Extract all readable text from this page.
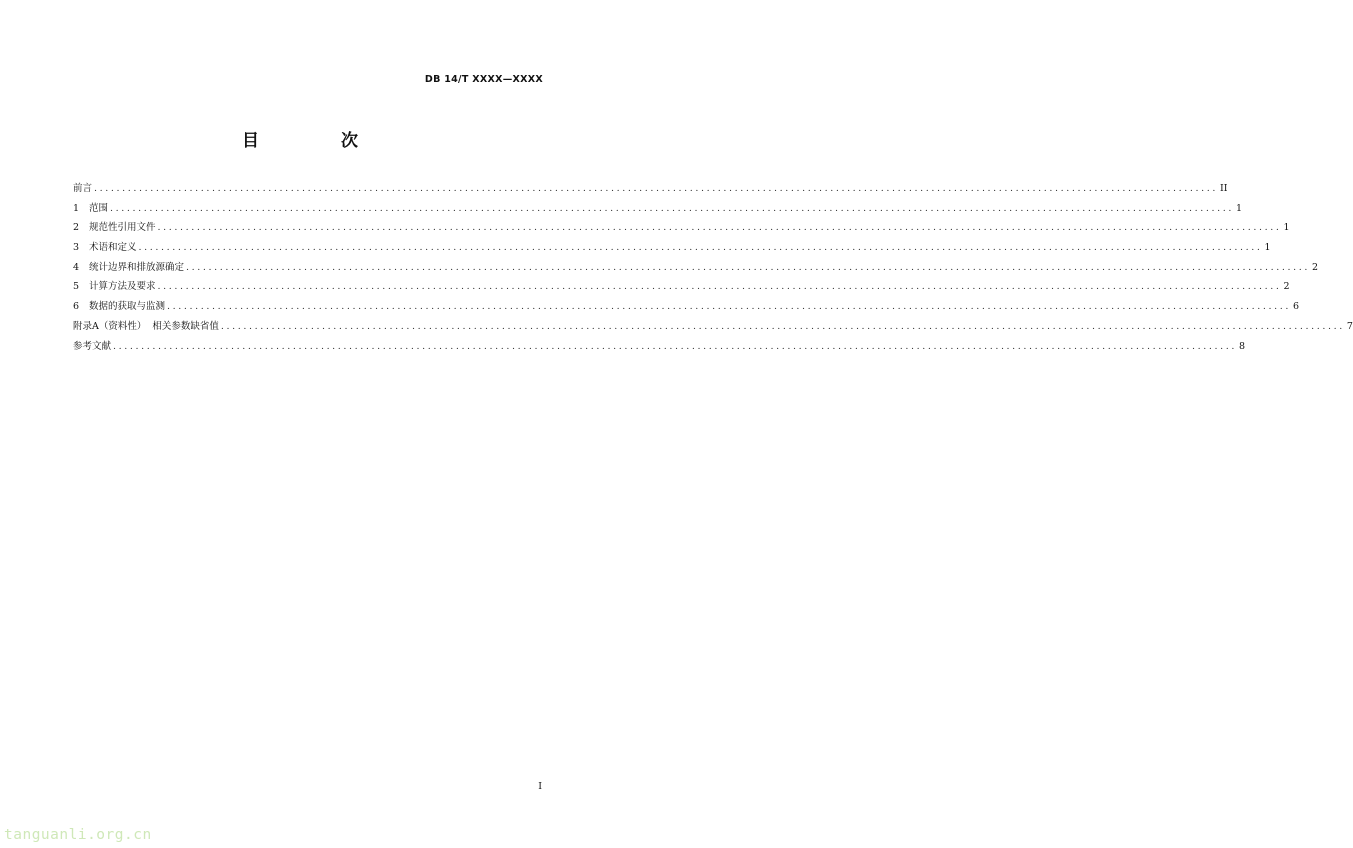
DB 14/T XXXX—XXXX
目 次
前言 ........................................................................................................................................................................................................ II
1	范围 ........................................................................................................................................................................................................ 1
2	规范性引用文件 ........................................................................................................................................................................................................ 1
3	术语和定义 ........................................................................................................................................................................................................ 1
4	统计边界和排放源确定 ........................................................................................................................................................................................................ 2
5	计算方法及要求 ........................................................................................................................................................................................................ 2
6	数据的获取与监测 ........................................................................................................................................................................................................ 6
附录A（资料性）  相关参数缺省值 ........................................................................................................................................................................................................ 7
参考文献 ........................................................................................................................................................................................................ 8
I
tanguanli.org.cn
